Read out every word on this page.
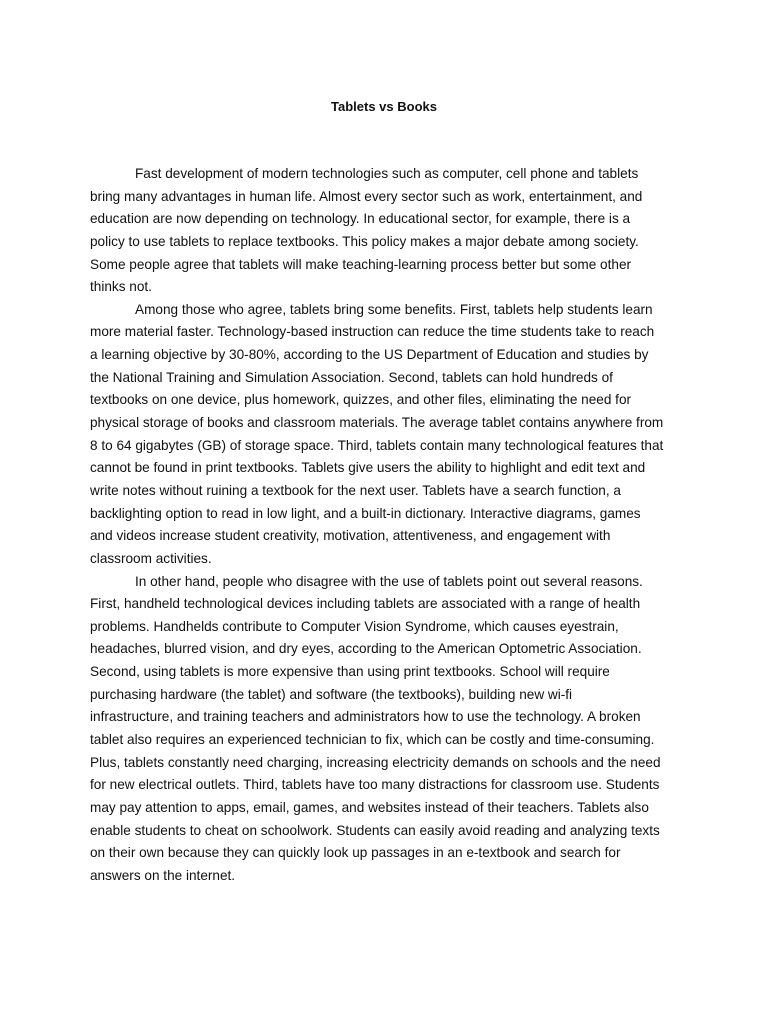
Tablets vs Books
Fast development of modern technologies such as computer, cell phone and tablets
bring many advantages in human life. Almost every sector such as work, entertainment, and
education are now depending on technology. In educational sector, for example, there is a
policy to use tablets to replace textbooks. This policy makes a major debate among society.
Some people agree that tablets will make teaching-learning process better but some other
thinks not.
Among those who agree, tablets bring some benefits. First, tablets help students learn
more material faster. Technology-based instruction can reduce the time students take to reach
a learning objective by 30-80%, according to the US Department of Education and studies by
the National Training and Simulation Association. Second, tablets can hold hundreds of
textbooks on one device, plus homework, quizzes, and other files, eliminating the need for
physical storage of books and classroom materials. The average tablet contains anywhere from
8 to 64 gigabytes (GB) of storage space. Third, tablets contain many technological features that
cannot be found in print textbooks. Tablets give users the ability to highlight and edit text and
write notes without ruining a textbook for the next user. Tablets have a search function, a
backlighting option to read in low light, and a built-in dictionary. Interactive diagrams, games
and videos increase student creativity, motivation, attentiveness, and engagement with
classroom activities.
In other hand, people who disagree with the use of tablets point out several reasons.
First, handheld technological devices including tablets are associated with a range of health
problems. Handhelds contribute to Computer Vision Syndrome, which causes eyestrain,
headaches, blurred vision, and dry eyes, according to the American Optometric Association.
Second, using tablets is more expensive than using print textbooks. School will require
purchasing hardware (the tablet) and software (the textbooks), building new wi-fi
infrastructure, and training teachers and administrators how to use the technology. A broken
tablet also requires an experienced technician to fix, which can be costly and time-consuming.
Plus, tablets constantly need charging, increasing electricity demands on schools and the need
for new electrical outlets. Third, tablets have too many distractions for classroom use. Students
may pay attention to apps, email, games, and websites instead of their teachers. Tablets also
enable students to cheat on schoolwork. Students can easily avoid reading and analyzing texts
on their own because they can quickly look up passages in an e-textbook and search for
answers on the internet.
